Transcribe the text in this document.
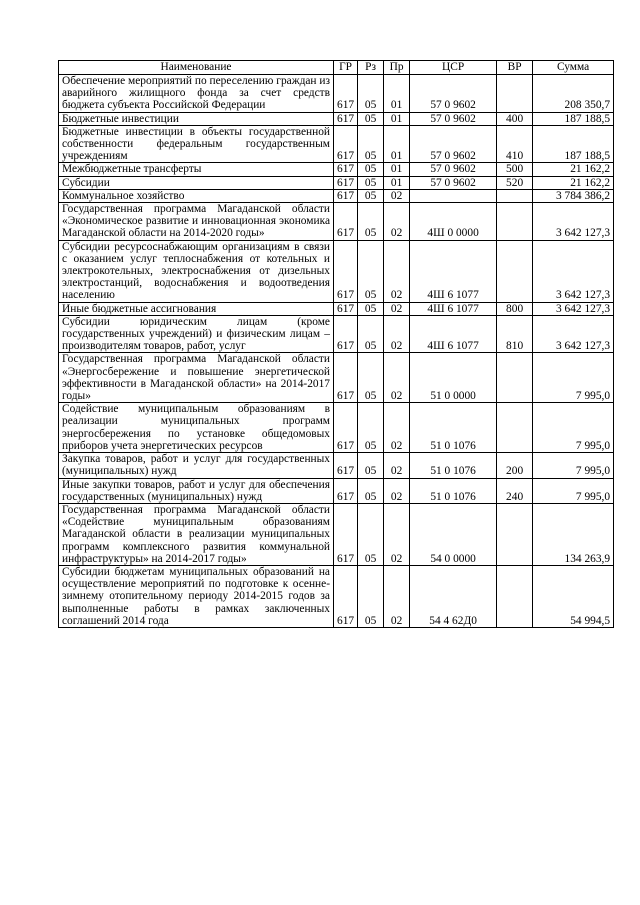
Наименование	ГР	Рз	Пр	ЦСР	ВР	Сумма
Обеспечение мероприятий по переселению граждан из аварийного жилищного фонда за счет средств бюджета субъекта Российской Федерации	617	05	01	57 0 9602		208 350,7
Бюджетные инвестиции	617	05	01	57 0 9602	400	187 188,5
Бюджетные инвестиции в объекты государственной собственности федеральным государственным учреждениям	617	05	01	57 0 9602	410	187 188,5
Межбюджетные трансферты	617	05	01	57 0 9602	500	21 162,2
Субсидии	617	05	01	57 0 9602	520	21 162,2
Коммунальное хозяйство	617	05	02			3 784 386,2
Государственная программа Магаданской области «Экономическое развитие и инновационная экономика Магаданской области на 2014-2020 годы»	617	05	02	4Ш 0 0000		3 642 127,3
Субсидии ресурсоснабжающим организациям в связи с оказанием услуг теплоснабжения от котельных и электрокотельных, электроснабжения от дизельных электростанций, водоснабжения и водоотведения населению	617	05	02	4Ш 6 1077		3 642 127,3
Иные бюджетные ассигнования	617	05	02	4Ш 6 1077	800	3 642 127,3
Субсидии юридическим лицам (кроме государственных учреждений) и физическим лицам – производителям товаров, работ, услуг	617	05	02	4Ш 6 1077	810	3 642 127,3
Государственная программа Магаданской области «Энергосбережение и повышение энергетической эффективности в Магаданской области» на 2014-2017 годы»	617	05	02	51 0 0000		7 995,0
Содействие муниципальным образованиям в реализации муниципальных программ энергосбережения по установке общедомовых приборов учета энергетических ресурсов	617	05	02	51 0 1076		7 995,0
Закупка товаров, работ и услуг для государственных (муниципальных) нужд	617	05	02	51 0 1076	200	7 995,0
Иные закупки товаров, работ и услуг для обеспечения государственных (муниципальных) нужд	617	05	02	51 0 1076	240	7 995,0
Государственная программа Магаданской области «Содействие муниципальным образованиям Магаданской области в реализации муниципальных программ комплексного развития коммунальной инфраструктуры» на 2014-2017 годы»	617	05	02	54 0 0000		134 263,9
Субсидии бюджетам муниципальных образований на осуществление мероприятий по подготовке к осенне-зимнему отопительному периоду 2014-2015 годов за выполненные работы в рамках заключенных соглашений 2014 года	617	05	02	54 4 62Д0		54 994,5
